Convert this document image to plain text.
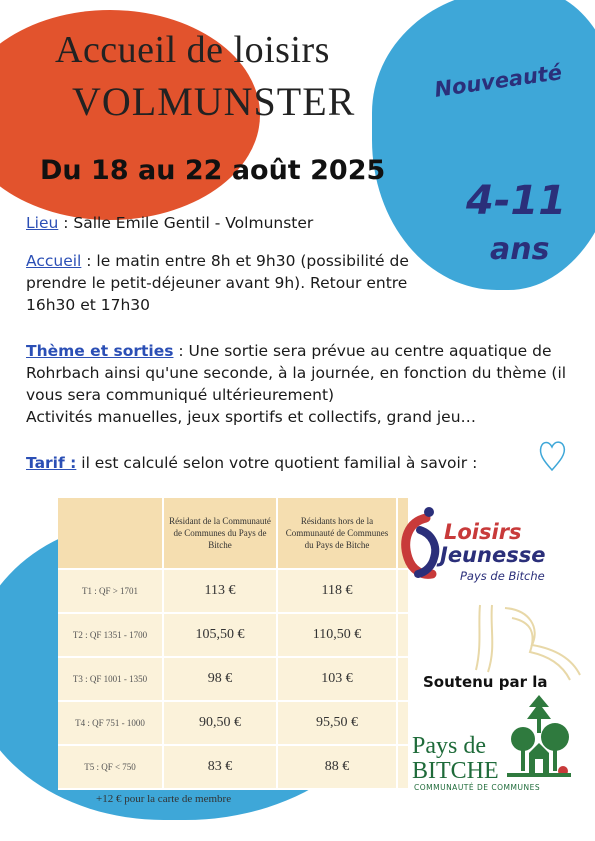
Accueil de loisirs
VOLMUNSTER	Nouveauté
Du 18 au 22 août 2025
4-11
ans
Lieu : Salle Emile Gentil - Volmunster
Accueil : le matin entre 8h et 9h30 (possibilité de prendre le petit-déjeuner avant 9h). Retour entre 16h30 et 17h30
Thème et sorties : Une sortie sera prévue au centre aquatique de Rohrbach ainsi qu'une seconde, à la journée, en fonction du thème (il vous sera communiqué ultérieurement)
Activités manuelles, jeux sportifs et collectifs, grand jeu…
Tarif : il est calculé selon votre quotient familial à savoir :
	Résidant de la Communauté de Communes du Pays de Bitche	Résidants hors de la Communauté de Communes du Pays de Bitche	
T1 : QF > 1701	113 €	118 €	
T2 : QF 1351 - 1700	105,50 €	110,50 €	
T3 : QF 1001 - 1350	98 €	103 €	
T4 : QF 751 - 1000	90,50 €	95,50 €	
T5 : QF < 750	83 €	88 €	
+12 € pour la carte de membre
Loisirs
Jeunesse
Pays de Bitche
Soutenu par la
Pays de
BITCHE
COMMUNAUTÉ DE COMMUNES
